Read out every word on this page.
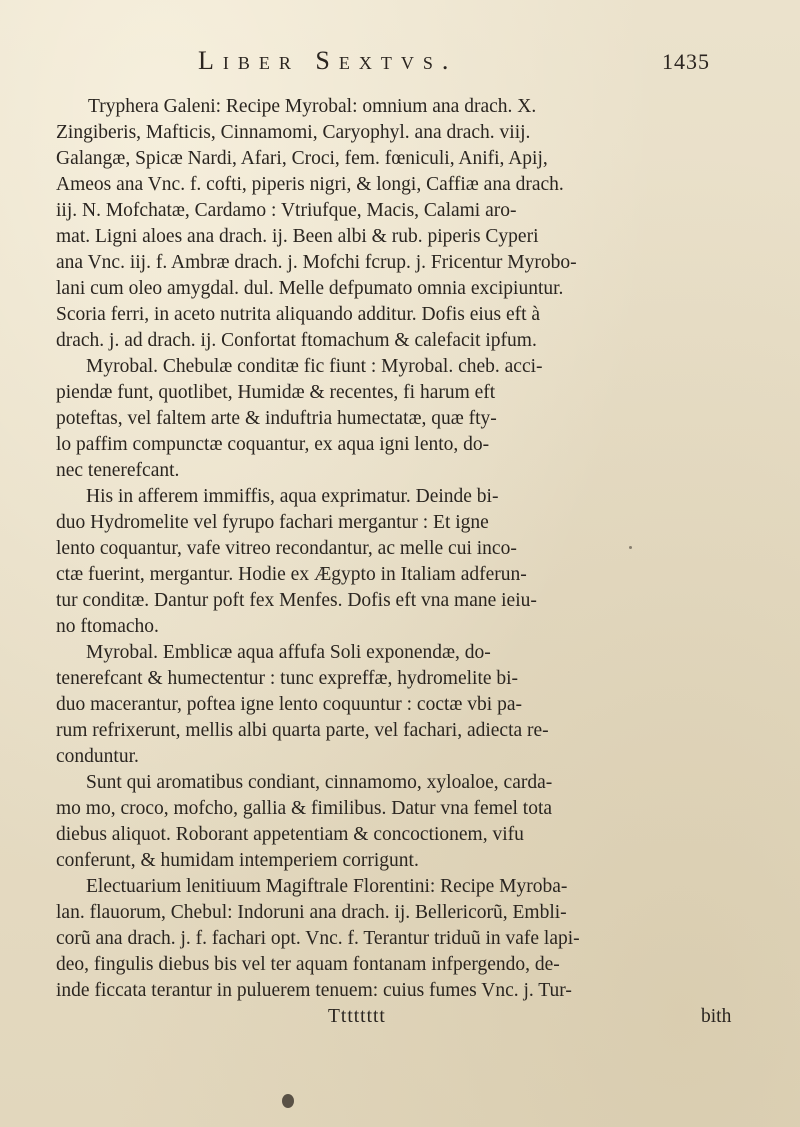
Liber Sextvs.	1435
Tryphera Galeni: Recipe Myrobal: omnium ana drach. X.
Zingiberis, Mafticis, Cinnamomi, Caryophyl. ana drach. viij.
Galangæ, Spicæ Nardi, Afari, Croci, fem. fœniculi, Anifi, Apij,
Ameos ana Vnc. f. cofti, piperis nigri, & longi, Caffiæ ana drach.
iij. N. Mofchatæ, Cardamo : Vtriufque, Macis, Calami aro-
mat. Ligni aloes ana drach. ij. Been albi & rub. piperis Cyperi
ana Vnc. iij. f. Ambræ drach. j. Mofchi fcrup. j. Fricentur Myrobo-
lani cum oleo amygdal. dul. Melle defpumato omnia excipiuntur.
Scoria ferri, in aceto nutrita aliquando additur. Dofis eius eft à
drach. j. ad drach. ij. Confortat ftomachum & calefacit ipfum.
Myrobal. Chebulæ conditæ fic fiunt : Myrobal. cheb. acci-
piendæ funt, quotlibet, Humidæ & recentes, fi harum eft
poteftas, vel faltem arte & induftria humectatæ, quæ fty-
lo paffim compunctæ coquantur, ex aqua igni lento, do-
nec tenerefcant.
His in afferem immiffis, aqua exprimatur. Deinde bi-
duo Hydromelite vel fyrupo fachari mergantur : Et igne
lento coquantur, vafe vitreo recondantur, ac melle cui inco-
ctæ fuerint, mergantur. Hodie ex Ægypto in Italiam adferun-
tur conditæ. Dantur poft fex Menfes. Dofis eft vna mane ieiu-
no ftomacho.
Myrobal. Emblicæ aqua affufa Soli exponendæ, do-
tenerefcant & humectentur : tunc expreffæ, hydromelite bi-
duo macerantur, poftea igne lento coquuntur : coctæ vbi pa-
rum refrixerunt, mellis albi quarta parte, vel fachari, adiecta re-
conduntur.
Sunt qui aromatibus condiant, cinnamomo, xyloaloe, carda-
mo mo, croco, mofcho, gallia & fimilibus. Datur vna femel tota
diebus aliquot. Roborant appetentiam & concoctionem, vifu
conferunt, & humidam intemperiem corrigunt.
Electuarium lenitiuum Magiftrale Florentini: Recipe Myroba-
lan. flauorum, Chebul: Indoruni ana drach. ij. Bellericorũ, Embli-
corũ ana drach. j. f. fachari opt. Vnc. f. Terantur triduũ in vafe lapi-
deo, fingulis diebus bis vel ter aquam fontanam infpergendo, de-
inde ficcata terantur in puluerem tenuem: cuius fumes Vnc. j. Tur-
Tttttttt	bith
